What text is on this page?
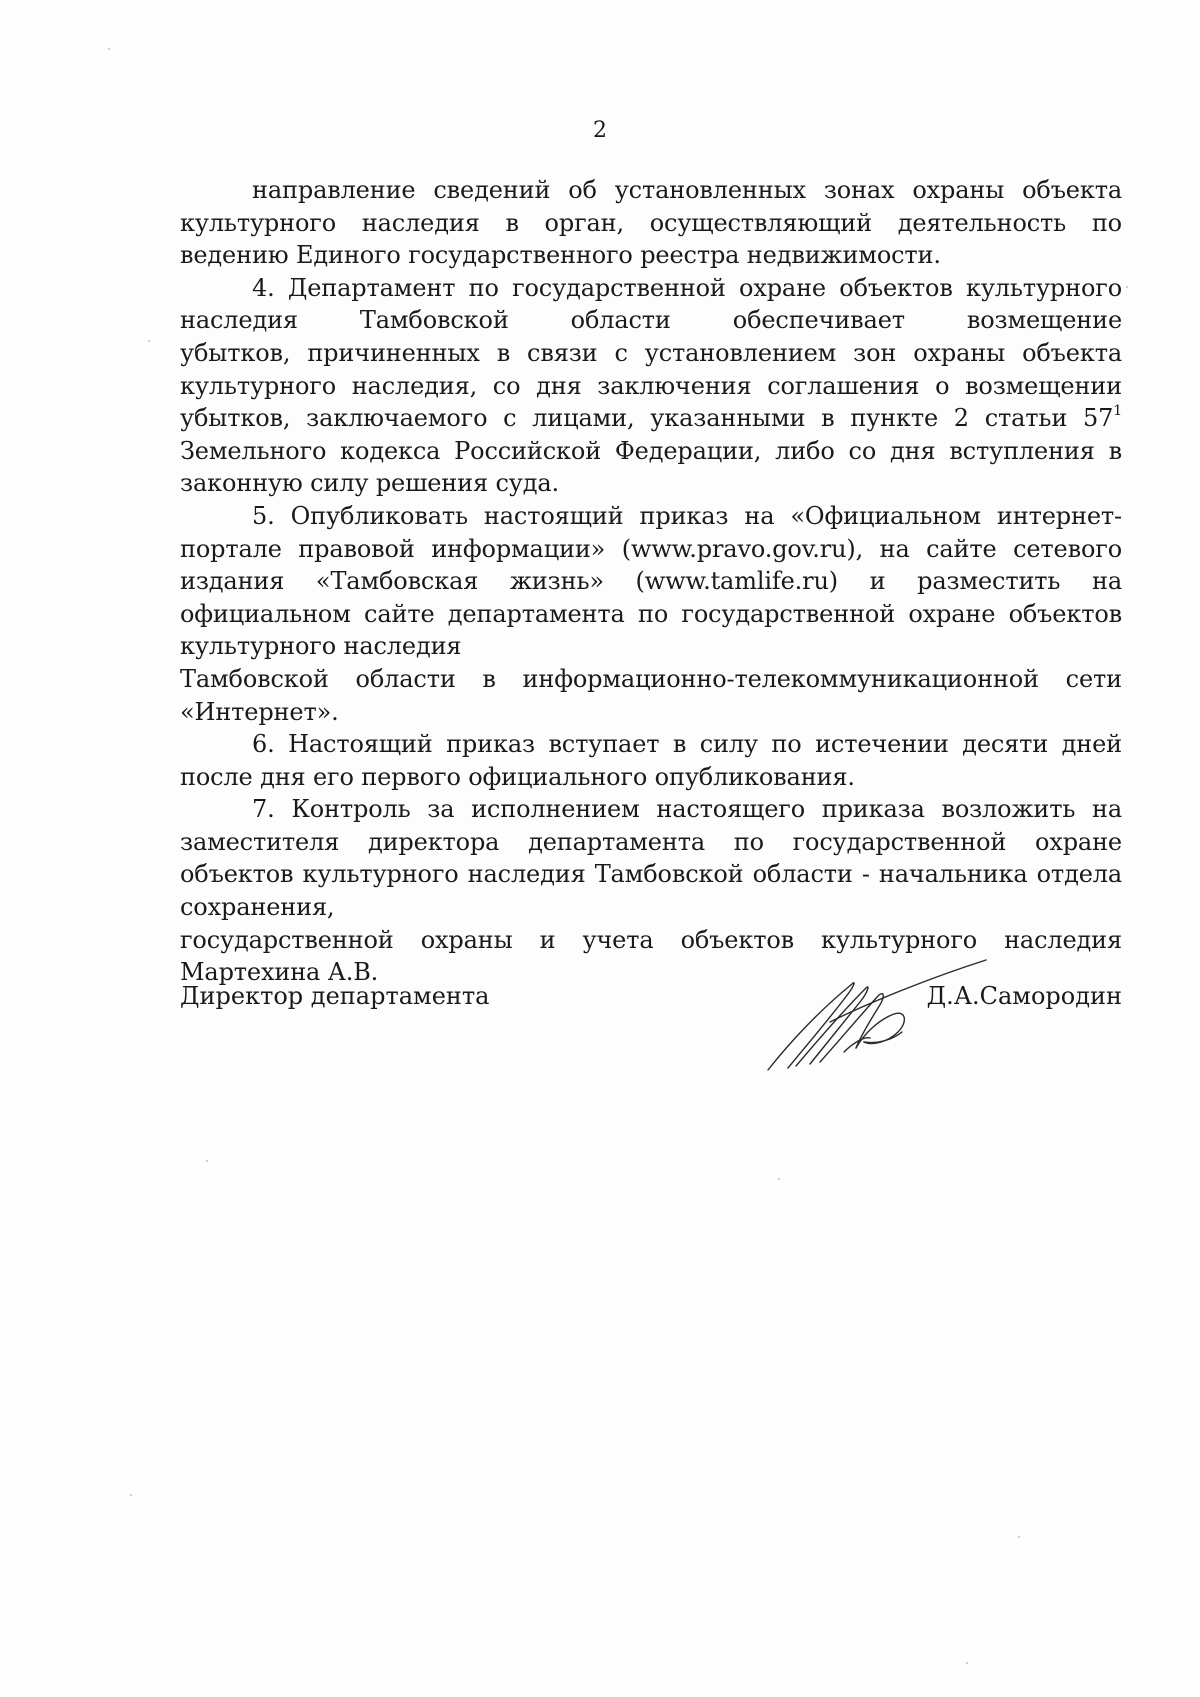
2

направление сведений об установленных зонах охраны объекта

культурного наследия в орган, осуществляющий деятельность по ведению Единого государственного реестра недвижимости.

4. Департамент по государственной охране объектов культурного

наследия Тамбовской области обеспечивает возмещение

убытков, причиненных в связи с установлением зон охраны объекта культурного наследия, со дня заключения соглашения о возмещении убытков, заключаемого с лицами, указанными в пункте 2 статьи 57$^1$ Земельного кодекса Российской Федерации, либо со дня вступления в законную силу решения суда.

5. Опубликовать настоящий приказ на «Официальном интернет-портале правовой информации» (www.pravo.gov.ru), на сайте сетевого издания «Тамбовская жизнь» (www.tamlife.ru) и разместить на официальном сайте департамента по государственной охране объектов культурного наследия

Тамбовской области в информационно-телекоммуникационной сети

«Интернет».

6. Настоящий приказ вступает в силу по истечении десяти дней после дня его первого официального опубликования.

7. Контроль за исполнением настоящего приказа возложить на заместителя директора департамента по государственной охране объектов культурного наследия Тамбовской области - начальника отдела сохранения,

государственной охраны и учета объектов культурного наследия

Мартехина А.В.

Директор департамента	Д.А.Самородин
